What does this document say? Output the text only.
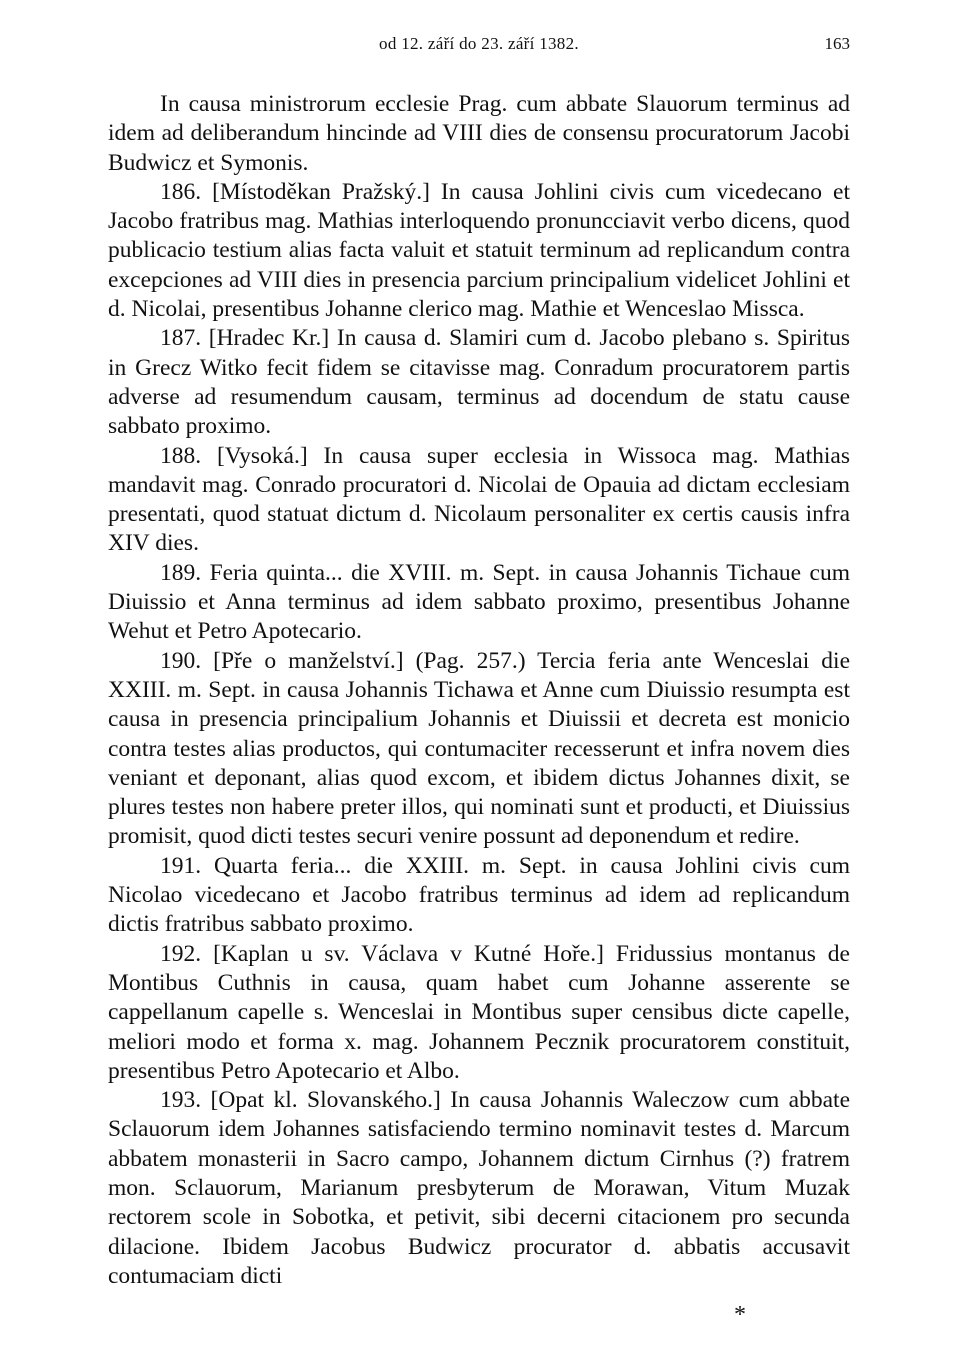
od 12. září do 23. září 1382.	163

In causa ministrorum ecclesie Prag. cum abbate Slauorum terminus ad idem ad deliberandum hincinde ad VIII dies de consensu procuratorum Jacobi Budwicz et Symonis.

186. [Místoděkan Pražský.] In causa Johlini civis cum vicedecano et Jacobo fratribus mag. Mathias interloquendo pronuncciavit verbo dicens, quod publicacio testium alias facta valuit et statuit terminum ad replicandum contra excepciones ad VIII dies in presencia parcium principalium videlicet Johlini et d. Nicolai, presentibus Johanne clerico mag. Mathie et Wenceslao Missca.

187. [Hradec Kr.] In causa d. Slamiri cum d. Jacobo plebano s. Spiritus in Grecz Witko fecit fidem se citavisse mag. Conradum procuratorem partis adverse ad resumendum causam, terminus ad docendum de statu cause sabbato proximo.

188. [Vysoká.] In causa super ecclesia in Wissoca mag. Mathias mandavit mag. Conrado procuratori d. Nicolai de Opauia ad dictam ecclesiam presentati, quod statuat dictum d. Nicolaum personaliter ex certis causis infra XIV dies.

189. Feria quinta... die XVIII. m. Sept. in causa Johannis Tichaue cum Diuissio et Anna terminus ad idem sabbato proximo, presentibus Johanne Wehut et Petro Apotecario.

190. [Pře o manželství.] (Pag. 257.) Tercia feria ante Wenceslai die XXIII. m. Sept. in causa Johannis Tichawa et Anne cum Diuissio resumpta est causa in presencia principalium Johannis et Diuissii et decreta est monicio contra testes alias productos, qui contumaciter recesserunt et infra novem dies veniant et deponant, alias quod excom, et ibidem dictus Johannes dixit, se plures testes non habere preter illos, qui nominati sunt et producti, et Diuissius promisit, quod dicti testes securi venire possunt ad deponendum et redire.

191. Quarta feria... die XXIII. m. Sept. in causa Johlini civis cum Nicolao vicedecano et Jacobo fratribus terminus ad idem ad replicandum dictis fratribus sabbato proximo.

192. [Kaplan u sv. Václava v Kutné Hoře.] Fridussius montanus de Montibus Cuthnis in causa, quam habet cum Johanne asserente se cappellanum capelle s. Wenceslai in Montibus super censibus dicte capelle, meliori modo et forma x. mag. Johannem Pecznik procuratorem constituit, presentibus Petro Apotecario et Albo.

193. [Opat kl. Slovanského.] In causa Johannis Waleczow cum abbate Sclauorum idem Johannes satisfaciendo termino nominavit testes d. Marcum abbatem monasterii in Sacro campo, Johannem dictum Cirnhus (?) fratrem mon. Sclauorum, Marianum presbyterum de Morawan, Vitum Muzak rectorem scole in Sobotka, et petivit, sibi decerni citacionem pro secunda dilacione. Ibidem Jacobus Budwicz procurator d. abbatis accusavit contumaciam dicti

*
